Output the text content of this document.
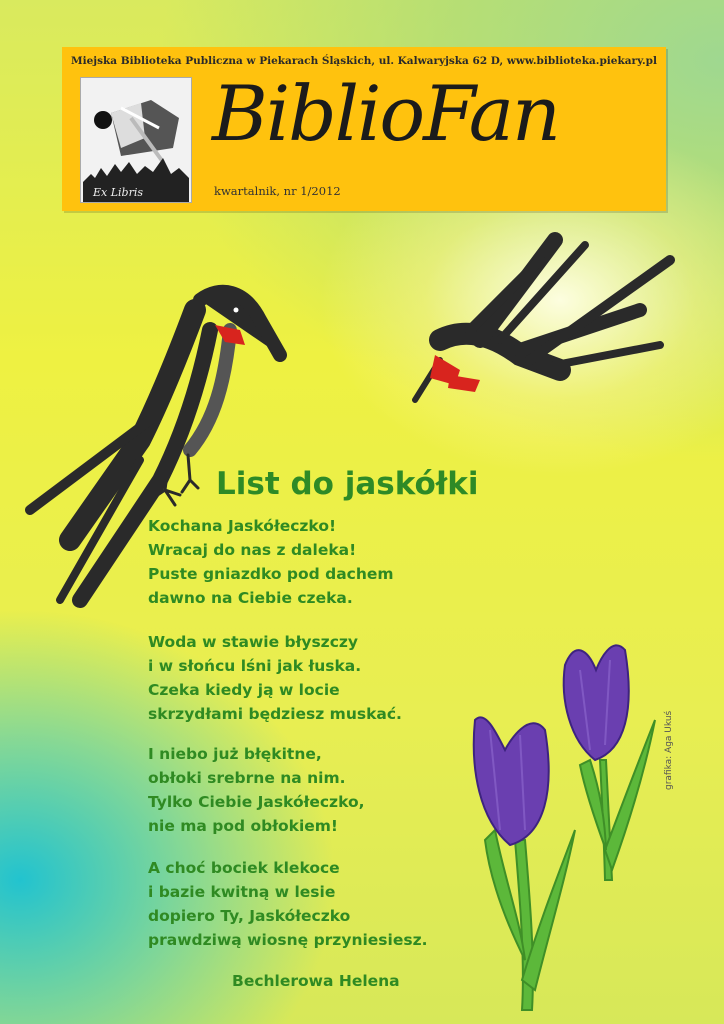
Miejska Biblioteka Publiczna w Piekarach Śląskich, ul. Kalwaryjska 62 D, www.biblioteka.piekary.pl
Ex Libris
BiblioFan
kwartalnik, nr 1/2012
List do jaskółki
Kochana Jaskółeczko!
Wracaj do nas z daleka!
Puste gniazdko pod dachem
dawno na Ciebie czeka.
Woda w stawie błyszczy
i w słońcu lśni jak łuska.
Czeka kiedy ją w locie
skrzydłami będziesz muskać.
I niebo już błękitne,
obłoki srebrne na nim.
Tylko Ciebie Jaskółeczko,
nie ma pod obłokiem!
A choć bociek klekoce
i bazie kwitną w lesie
dopiero Ty, Jaskółeczko
prawdziwą wiosnę przyniesiesz.
Bechlerowa Helena
grafika: Aga Ukuś
